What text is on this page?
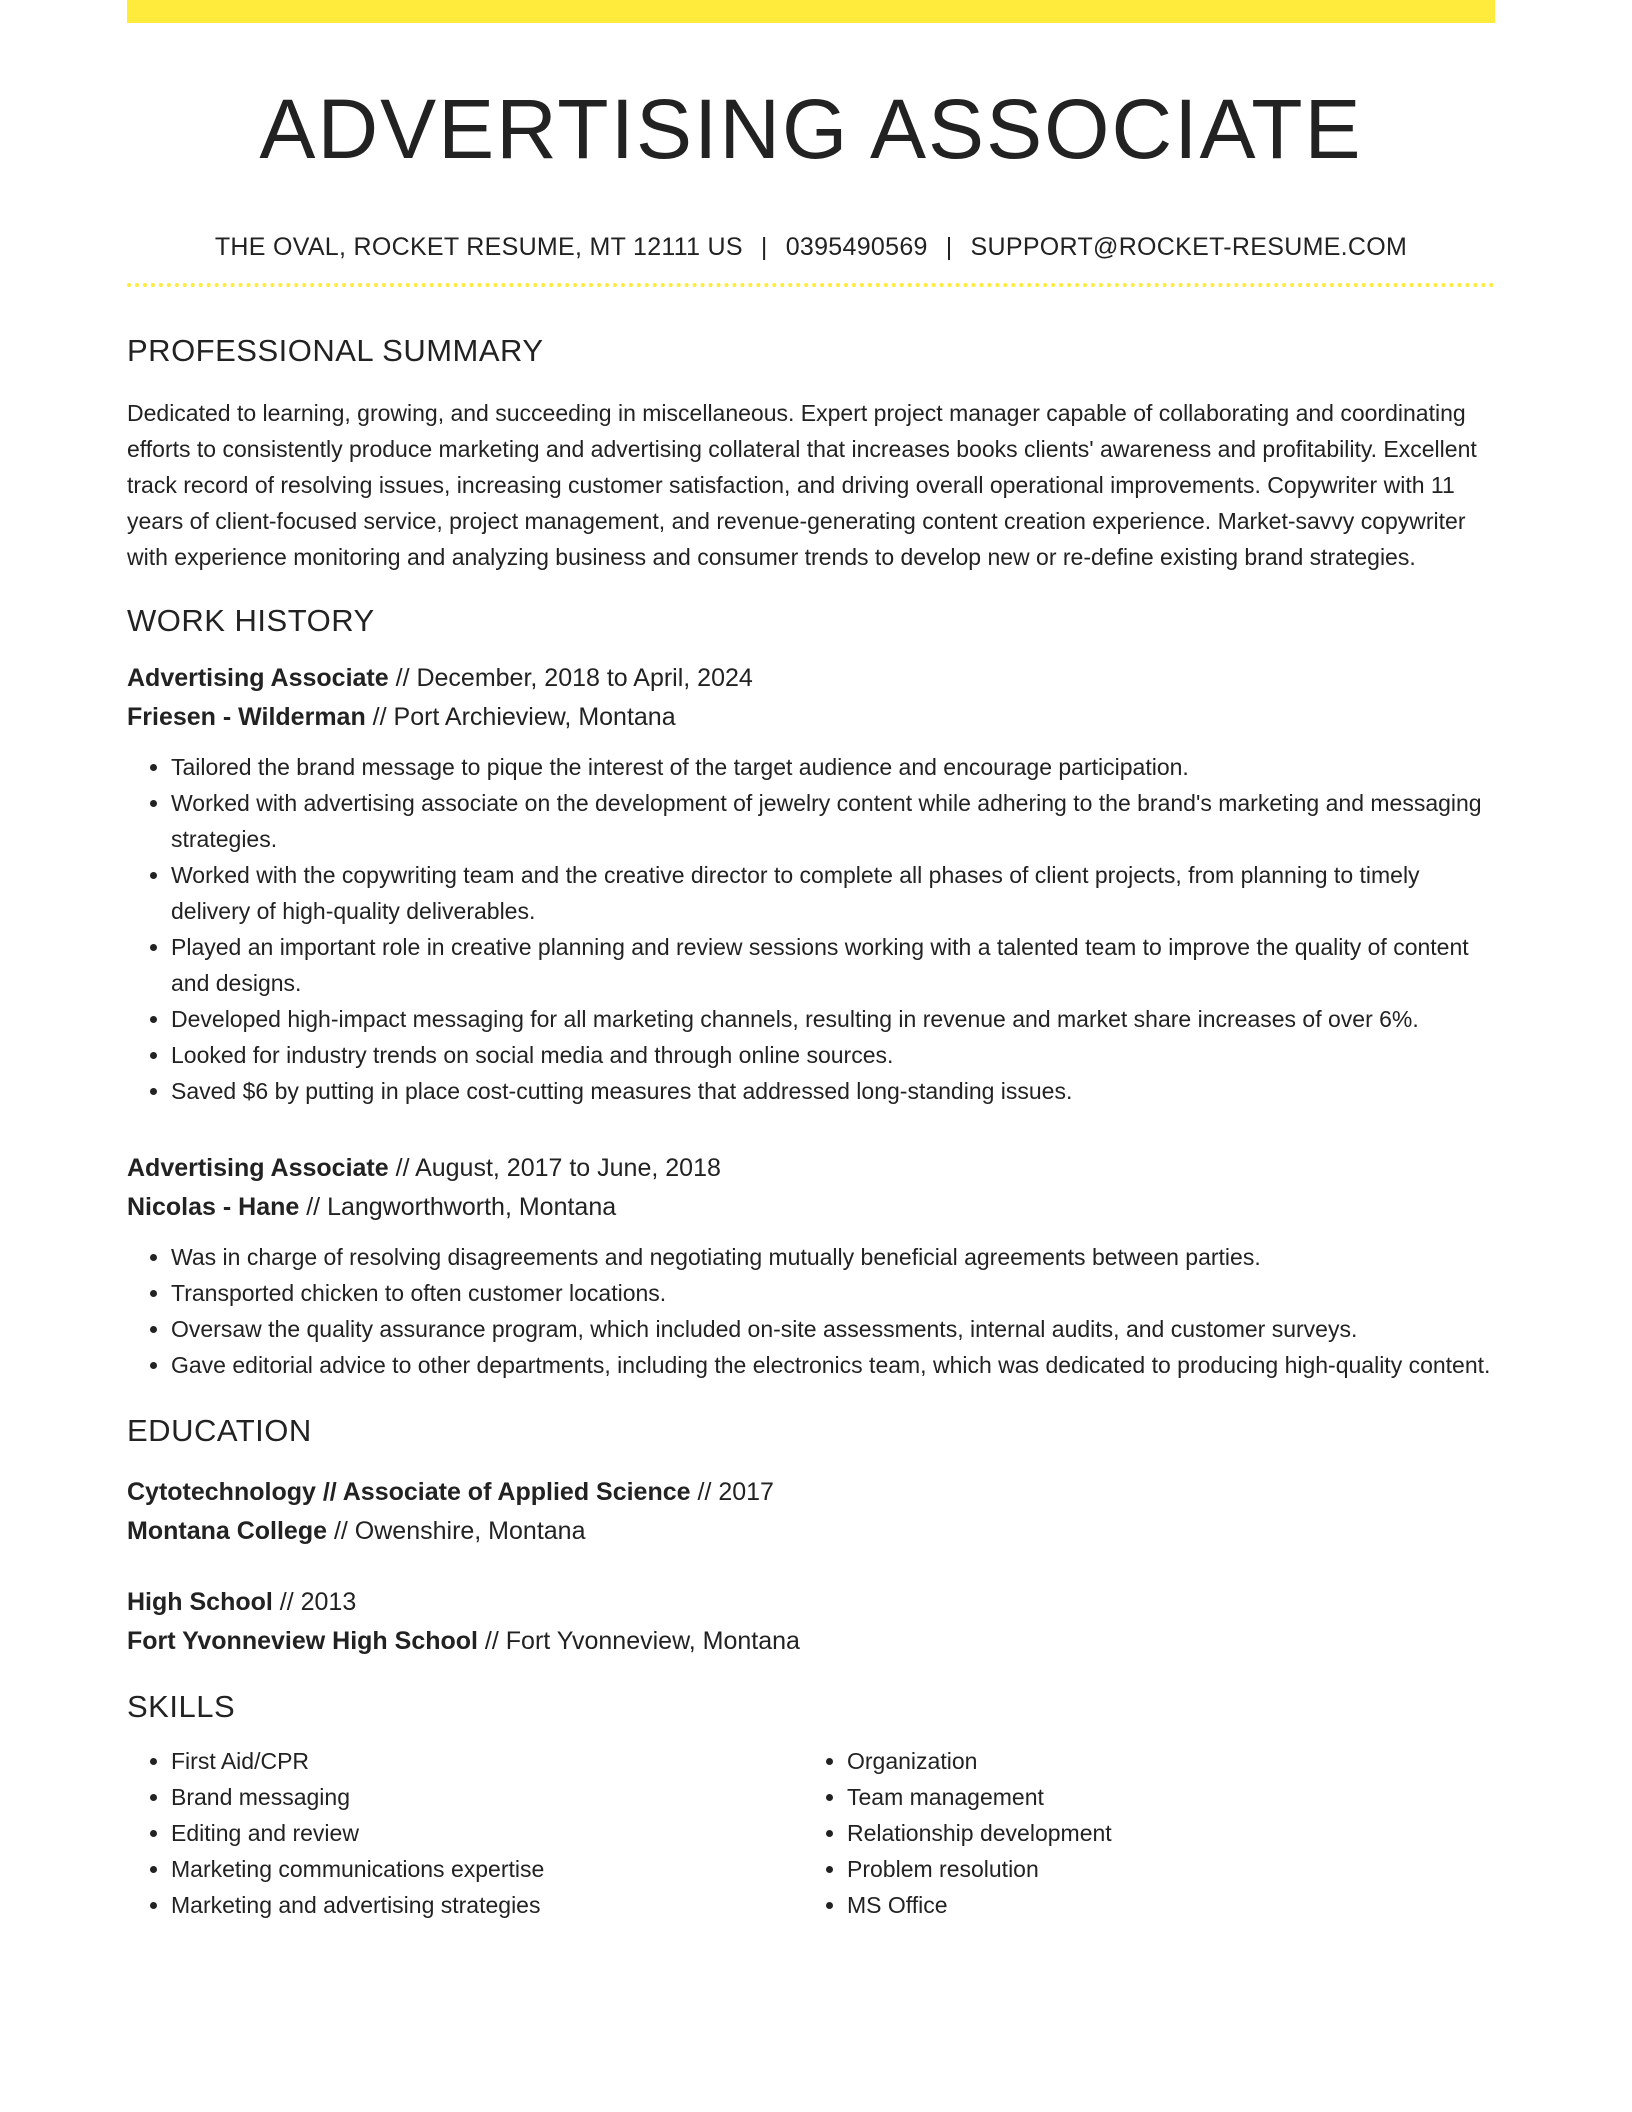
ADVERTISING ASSOCIATE
THE OVAL, ROCKET RESUME, MT 12111 US | 0395490569 | SUPPORT@ROCKET-RESUME.COM
PROFESSIONAL SUMMARY
Dedicated to learning, growing, and succeeding in miscellaneous. Expert project manager capable of collaborating and coordinating efforts to consistently produce marketing and advertising collateral that increases books clients' awareness and profitability. Excellent track record of resolving issues, increasing customer satisfaction, and driving overall operational improvements. Copywriter with 11 years of client-focused service, project management, and revenue-generating content creation experience. Market-savvy copywriter with experience monitoring and analyzing business and consumer trends to develop new or re-define existing brand strategies.
WORK HISTORY
Advertising Associate // December, 2018 to April, 2024
Friesen - Wilderman // Port Archieview, Montana
• Tailored the brand message to pique the interest of the target audience and encourage participation.
• Worked with advertising associate on the development of jewelry content while adhering to the brand's marketing and messaging strategies.
• Worked with the copywriting team and the creative director to complete all phases of client projects, from planning to timely delivery of high-quality deliverables.
• Played an important role in creative planning and review sessions working with a talented team to improve the quality of content and designs.
• Developed high-impact messaging for all marketing channels, resulting in revenue and market share increases of over 6%.
• Looked for industry trends on social media and through online sources.
• Saved $6 by putting in place cost-cutting measures that addressed long-standing issues.
Advertising Associate // August, 2017 to June, 2018
Nicolas - Hane // Langworthworth, Montana
• Was in charge of resolving disagreements and negotiating mutually beneficial agreements between parties.
• Transported chicken to often customer locations.
• Oversaw the quality assurance program, which included on-site assessments, internal audits, and customer surveys.
• Gave editorial advice to other departments, including the electronics team, which was dedicated to producing high-quality content.
EDUCATION
Cytotechnology // Associate of Applied Science // 2017
Montana College // Owenshire, Montana
High School // 2013
Fort Yvonneview High School // Fort Yvonneview, Montana
SKILLS
• First Aid/CPR
• Brand messaging
• Editing and review
• Marketing communications expertise
• Marketing and advertising strategies
• Organization
• Team management
• Relationship development
• Problem resolution
• MS Office
